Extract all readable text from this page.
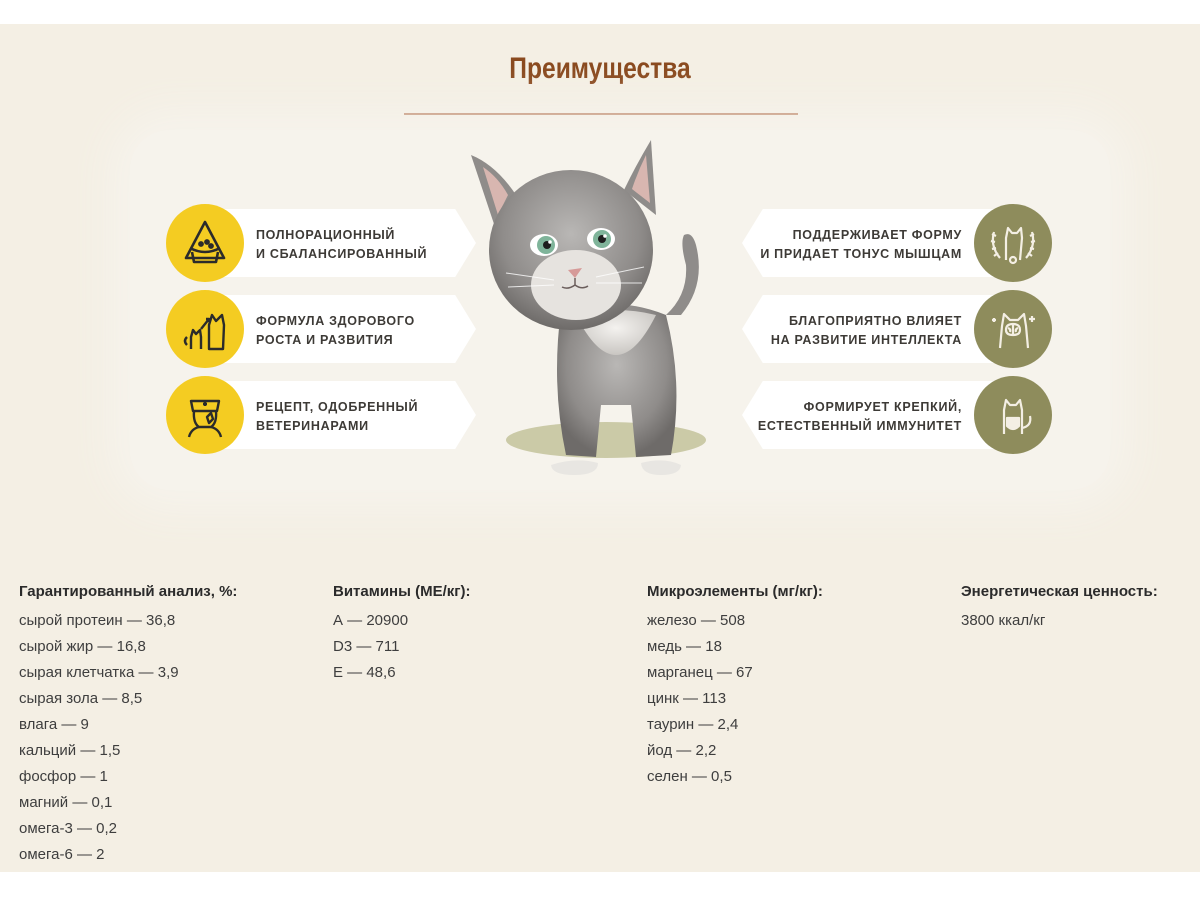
Преимущества
ПОЛНОРАЦИОННЫЙ
И СБАЛАНСИРОВАННЫЙ
ФОРМУЛА ЗДОРОВОГО
РОСТА И РАЗВИТИЯ
РЕЦЕПТ, ОДОБРЕННЫЙ
ВЕТЕРИНАРАМИ
ПОДДЕРЖИВАЕТ ФОРМУ
И ПРИДАЕТ ТОНУС МЫШЦАМ
БЛАГОПРИЯТНО ВЛИЯЕТ
НА РАЗВИТИЕ ИНТЕЛЛЕКТА
ФОРМИРУЕТ КРЕПКИЙ,
ЕСТЕСТВЕННЫЙ ИММУНИТЕТ
Гарантированный анализ, %:
сырой протеин — 36,8
сырой жир — 16,8
сырая клетчатка — 3,9
сырая зола — 8,5
влага — 9
кальций — 1,5
фосфор — 1
магний — 0,1
омега-3 — 0,2
омега-6 — 2
Витамины (МЕ/кг):
А — 20900
D3 — 711
Е — 48,6
Микроэлементы (мг/кг):
железо — 508
медь — 18
марганец — 67
цинк — 113
таурин — 2,4
йод — 2,2
селен — 0,5
Энергетическая ценность:
3800 ккал/кг
